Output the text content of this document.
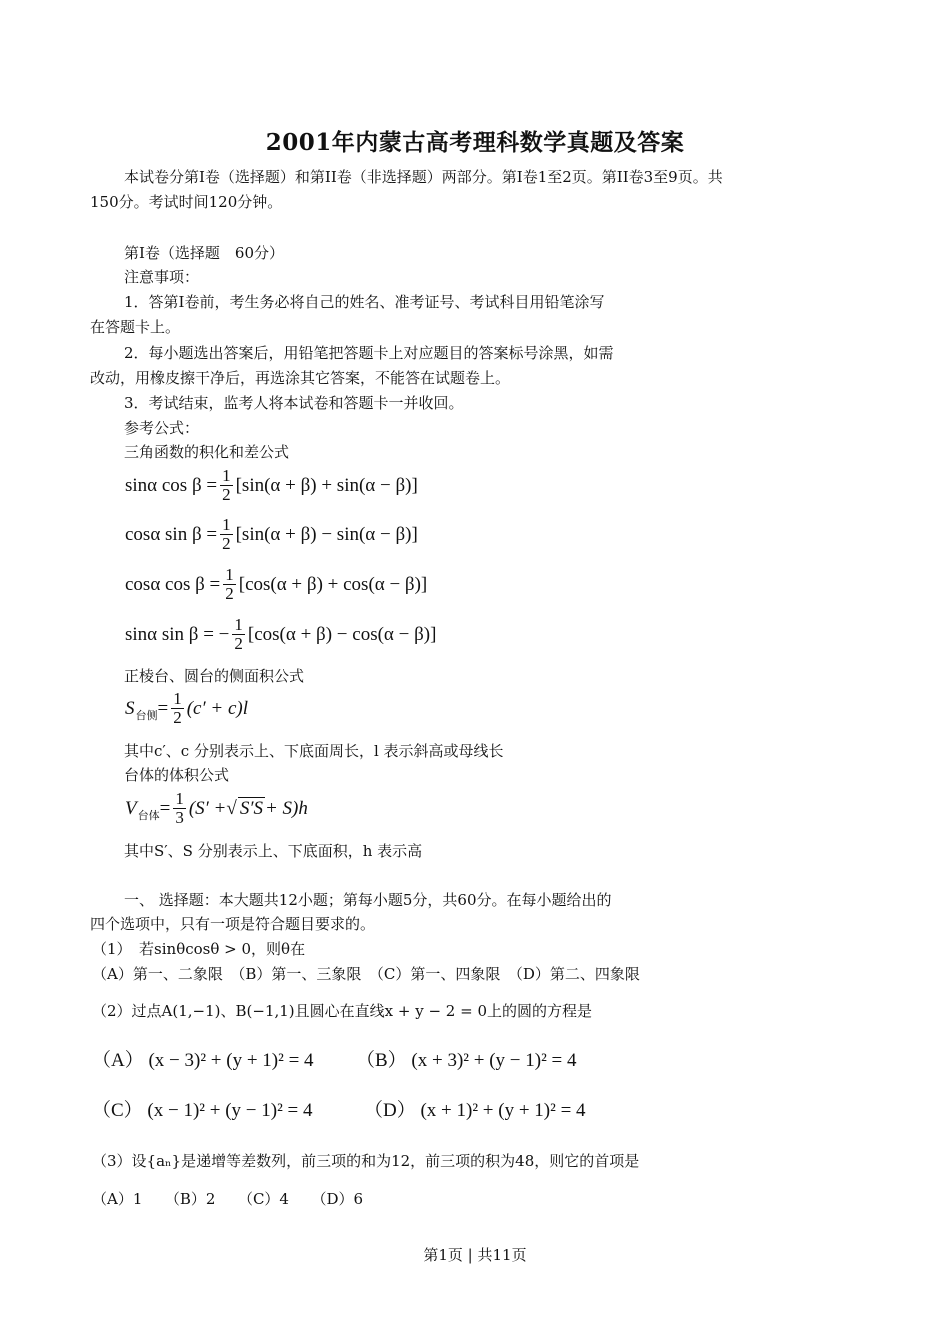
2001年内蒙古高考理科数学真题及答案
本试卷分第Ⅰ卷（选择题）和第II卷（非选择题）两部分。第Ⅰ卷1至2页。第II卷3至9页。共
150分。考试时间120分钟。
第Ⅰ卷（选择题　60分）
注意事项：
1．答第Ⅰ卷前，考生务必将自己的姓名、准考证号、考试科目用铅笔涂写
在答题卡上。
2．每小题选出答案后，用铅笔把答题卡上对应题目的答案标号涂黑，如需
改动，用橡皮擦干净后，再选涂其它答案，不能答在试题卷上。
3．考试结束，监考人将本试卷和答题卡一并收回。
参考公式：
三角函数的积化和差公式
sinα $\cos \beta = \frac{1}{2} [\sin(\alpha + \beta) + \sin(\alpha - \beta)]$
cosα $\sin \beta = \frac{1}{2} [\sin(\alpha + \beta) - \sin(\alpha - \beta)]$
cosα $\cos \beta = \frac{1}{2} [\cos(\alpha + \beta) + \cos(\alpha - \beta)]$
sinα sin β = − $\frac{1}{2} [\cos(\alpha + \beta) - \cos(\alpha - \beta)]$
正棱台、圆台的侧面积公式
S 台侧 = $\frac{1}{2} (c' + c)l$
其中c′、c 分别表示上、下底面周长，l 表示斜高或母线长
台体的体积公式
V 台体 = $\frac{1}{3} (S'$ + √ S′S + S)h
其中S′、S 分别表示上、下底面积，h 表示高
一、 选择题：本大题共12小题；第每小题5分，共60分。在每小题给出的
四个选项中，只有一项是符合题目要求的。
（1）　若sinθcosθ > 0，则θ在
（A）第一、二象限　（B）第一、三象限　（C）第一、四象限　（D）第二、四象限
（2）过点A(1,−1)、B(−1,1)且圆心在直线x + y − 2 = 0上的圆的方程是
（A） (x − 3)² + (y + 1)² = 4 （B） (x + 3)² + (y − 1)² = 4
（C） (x − 1)² + (y − 1)² = 4	（D） (x + 1)² + (y + 1)² = 4
（3）设{aₙ}是递增等差数列，前三项的和为12，前三项的积为48，则它的首项是
（A）1　　（B）2　　（C）4　　（D）6
第1页 | 共11页
